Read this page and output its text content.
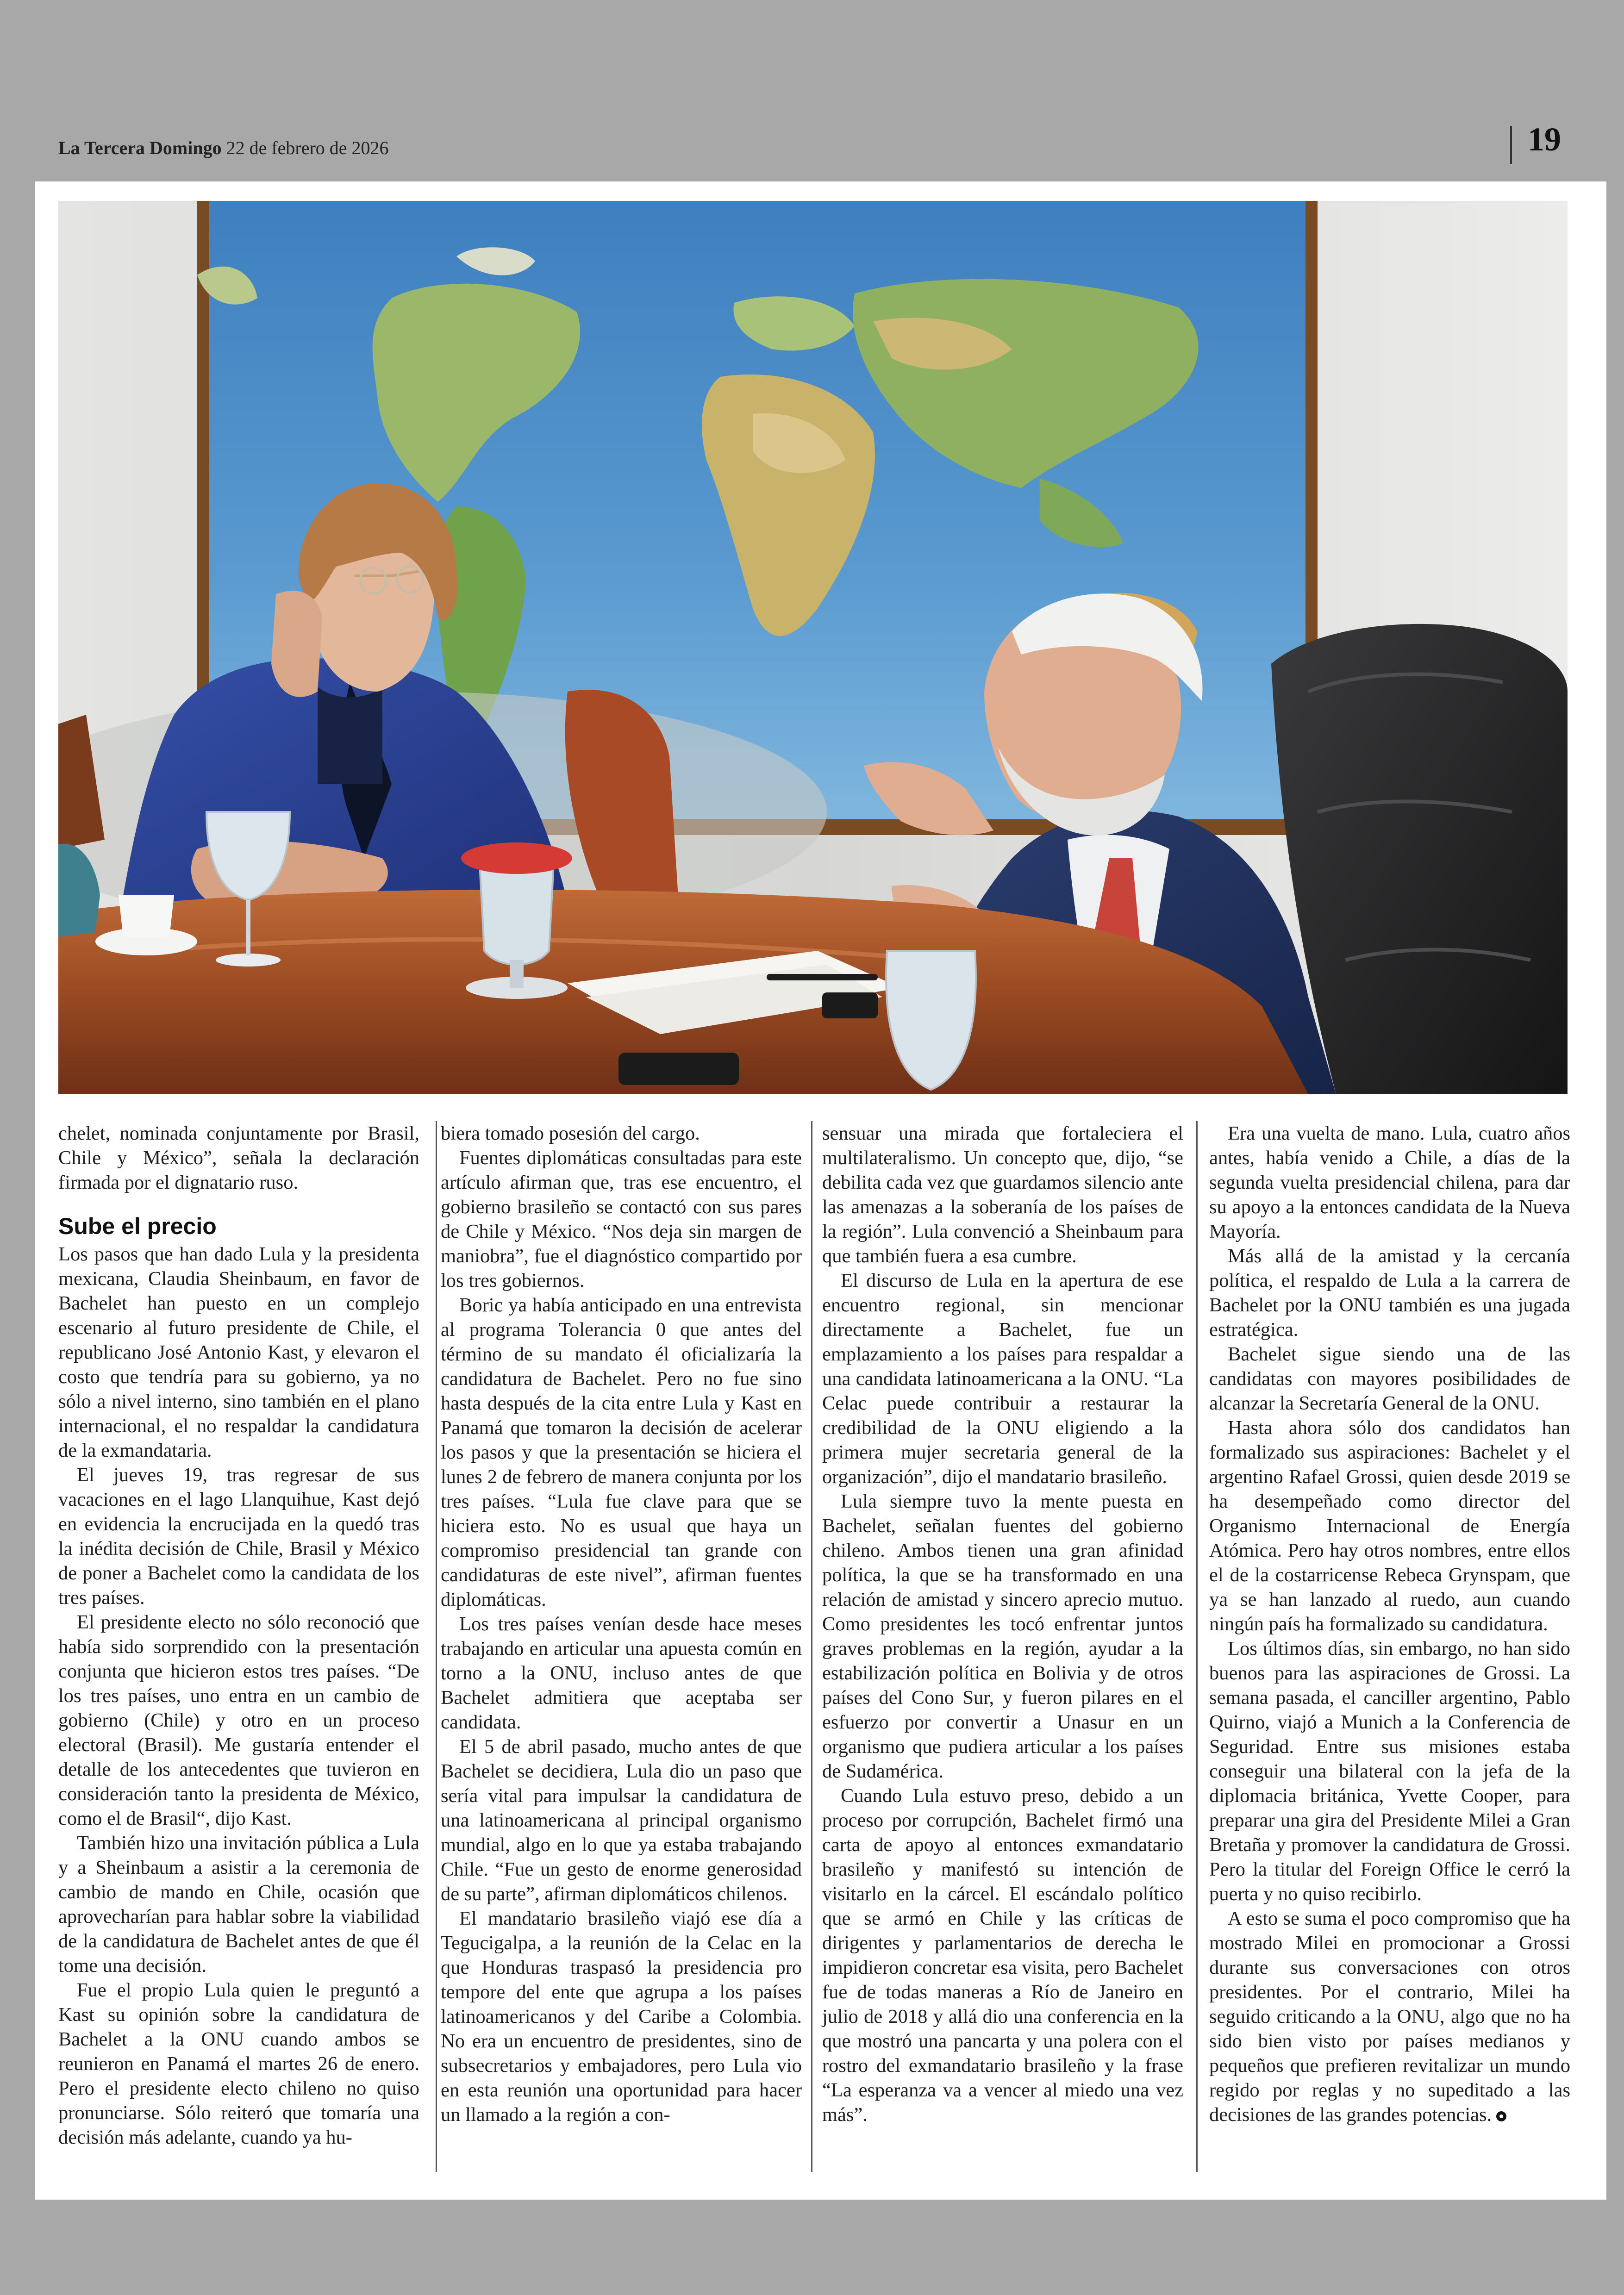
La Tercera Domingo 22 de febrero de 2026	19

chelet, nominada conjuntamente por Brasil, Chile y México”, señala la declaración firmada por el dignatario ruso.

Sube el precio

Los pasos que han dado Lula y la presidenta mexicana, Claudia Sheinbaum, en favor de Bachelet han puesto en un complejo escenario al futuro presidente de Chile, el republicano José Antonio Kast, y elevaron el costo que tendría para su gobierno, ya no sólo a nivel interno, sino también en el plano internacional, el no respaldar la candidatura de la exmandataria.

El jueves 19, tras regresar de sus vacaciones en el lago Llanquihue, Kast dejó en evidencia la encrucijada en la quedó tras la inédita decisión de Chile, Brasil y México de poner a Bachelet como la candidata de los tres países.

El presidente electo no sólo reconoció que había sido sorprendido con la presentación conjunta que hicieron estos tres países. “De los tres países, uno entra en un cambio de gobierno (Chile) y otro en un proceso electoral (Brasil). Me gustaría entender el detalle de los antecedentes que tuvieron en consideración tanto la presidenta de México, como el de Brasil“, dijo Kast.

También hizo una invitación pública a Lula y a Sheinbaum a asistir a la ceremonia de cambio de mando en Chile, ocasión que aprovecharían para hablar sobre la viabilidad de la candidatura de Bachelet antes de que él tome una decisión.

Fue el propio Lula quien le preguntó a Kast su opinión sobre la candidatura de Bachelet a la ONU cuando ambos se reunieron en Panamá el martes 26 de enero. Pero el presidente electo chileno no quiso pronunciarse. Sólo reiteró que tomaría una decisión más adelante, cuando ya hu-

biera tomado posesión del cargo.

Fuentes diplomáticas consultadas para este artículo afirman que, tras ese encuentro, el gobierno brasileño se contactó con sus pares de Chile y México. “Nos deja sin margen de maniobra”, fue el diagnóstico compartido por los tres gobiernos.

Boric ya había anticipado en una entrevista al programa Tolerancia 0 que antes del término de su mandato él oficializaría la candidatura de Bachelet. Pero no fue sino hasta después de la cita entre Lula y Kast en Panamá que tomaron la decisión de acelerar los pasos y que la presentación se hiciera el lunes 2 de febrero de manera conjunta por los tres países. “Lula fue clave para que se hiciera esto. No es usual que haya un compromiso presidencial tan grande con candidaturas de este nivel”, afirman fuentes diplomáticas.

Los tres países venían desde hace meses trabajando en articular una apuesta común en torno a la ONU, incluso antes de que Bachelet admitiera que aceptaba ser candidata.

El 5 de abril pasado, mucho antes de que Bachelet se decidiera, Lula dio un paso que sería vital para impulsar la candidatura de una latinoamericana al principal organismo mundial, algo en lo que ya estaba trabajando Chile. “Fue un gesto de enorme generosidad de su parte”, afirman diplomáticos chilenos.

El mandatario brasileño viajó ese día a Tegucigalpa, a la reunión de la Celac en la que Honduras traspasó la presidencia pro tempore del ente que agrupa a los países latinoamericanos y del Caribe a Colombia. No era un encuentro de presidentes, sino de subsecretarios y embajadores, pero Lula vio en esta reunión una oportunidad para hacer un llamado a la región a con-

sensuar una mirada que fortaleciera el multilateralismo. Un concepto que, dijo, “se debilita cada vez que guardamos silencio ante las amenazas a la soberanía de los países de la región”. Lula convenció a Sheinbaum para que también fuera a esa cumbre.

El discurso de Lula en la apertura de ese encuentro regional, sin mencionar directamente a Bachelet, fue un emplazamiento a los países para respaldar a una candidata latinoamericana a la ONU. “La Celac puede contribuir a restaurar la credibilidad de la ONU eligiendo a la primera mujer secretaria general de la organización”, dijo el mandatario brasileño.

Lula siempre tuvo la mente puesta en Bachelet, señalan fuentes del gobierno chileno. Ambos tienen una gran afinidad política, la que se ha transformado en una relación de amistad y sincero aprecio mutuo. Como presidentes les tocó enfrentar juntos graves problemas en la región, ayudar a la estabilización política en Bolivia y de otros países del Cono Sur, y fueron pilares en el esfuerzo por convertir a Unasur en un organismo que pudiera articular a los países de Sudamérica.

Cuando Lula estuvo preso, debido a un proceso por corrupción, Bachelet firmó una carta de apoyo al entonces exmandatario brasileño y manifestó su intención de visitarlo en la cárcel. El escándalo político que se armó en Chile y las críticas de dirigentes y parlamentarios de derecha le impidieron concretar esa visita, pero Bachelet fue de todas maneras a Río de Janeiro en julio de 2018 y allá dio una conferencia en la que mostró una pancarta y una polera con el rostro del exmandatario brasileño y la frase “La esperanza va a vencer al miedo una vez más”.

Era una vuelta de mano. Lula, cuatro años antes, había venido a Chile, a días de la segunda vuelta presidencial chilena, para dar su apoyo a la entonces candidata de la Nueva Mayoría.

Más allá de la amistad y la cercanía política, el respaldo de Lula a la carrera de Bachelet por la ONU también es una jugada estratégica.

Bachelet sigue siendo una de las candidatas con mayores posibilidades de alcanzar la Secretaría General de la ONU.

Hasta ahora sólo dos candidatos han formalizado sus aspiraciones: Bachelet y el argentino Rafael Grossi, quien desde 2019 se ha desempeñado como director del Organismo Internacional de Energía Atómica. Pero hay otros nombres, entre ellos el de la costarricense Rebeca Grynspam, que ya se han lanzado al ruedo, aun cuando ningún país ha formalizado su candidatura.

Los últimos días, sin embargo, no han sido buenos para las aspiraciones de Grossi. La semana pasada, el canciller argentino, Pablo Quirno, viajó a Munich a la Conferencia de Seguridad. Entre sus misiones estaba conseguir una bilateral con la jefa de la diplomacia británica, Yvette Cooper, para preparar una gira del Presidente Milei a Gran Bretaña y promover la candidatura de Grossi. Pero la titular del Foreign Office le cerró la puerta y no quiso recibirlo.

A esto se suma el poco compromiso que ha mostrado Milei en promocionar a Grossi durante sus conversaciones con otros presidentes. Por el contrario, Milei ha seguido criticando a la ONU, algo que no ha sido bien visto por países medianos y pequeños que prefieren revitalizar un mundo regido por reglas y no supeditado a las decisiones de las grandes potencias.
